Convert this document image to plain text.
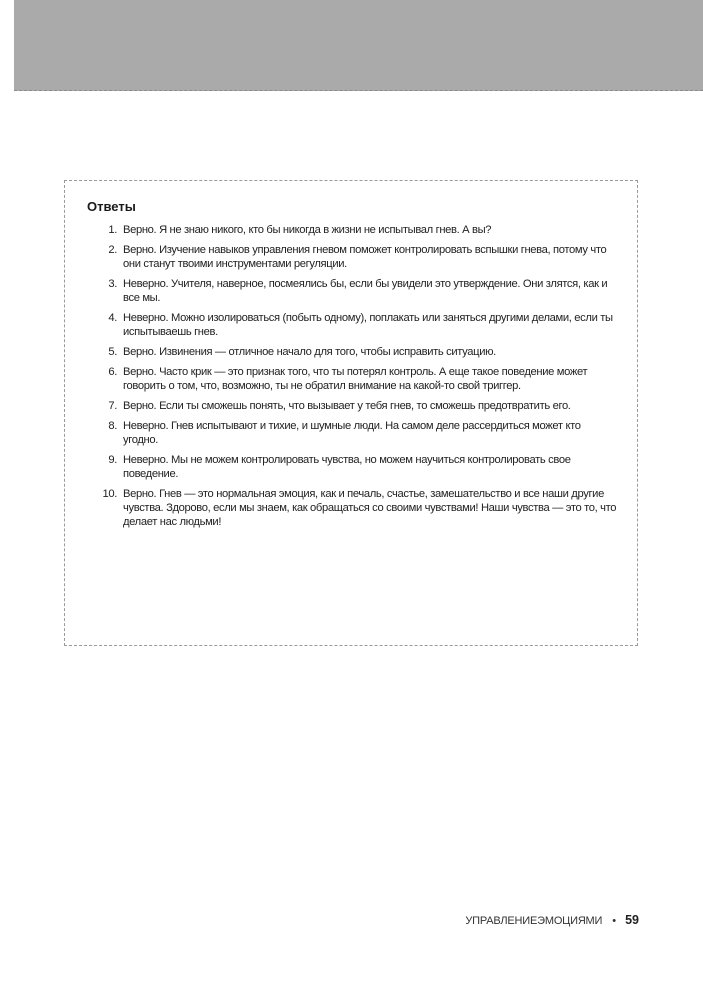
Ответы
1. Верно. Я не знаю никого, кто бы никогда в жизни не испытывал гнев. А вы?
2. Верно. Изучение навыков управления гневом поможет контролировать вспышки гнева, потому что они станут твоими инструментами регуляции.
3. Неверно. Учителя, наверное, посмеялись бы, если бы увидели это утверждение. Они злятся, как и все мы.
4. Неверно. Можно изолироваться (побыть одному), поплакать или заняться другими делами, если ты испытываешь гнев.
5. Верно. Извинения — отличное начало для того, чтобы исправить ситуацию.
6. Верно. Часто крик — это признак того, что ты потерял контроль. А еще такое поведение может говорить о том, что, возможно, ты не обратил внимание на какой-то свой триггер.
7. Верно. Если ты сможешь понять, что вызывает у тебя гнев, то сможешь предотвратить его.
8. Неверно. Гнев испытывают и тихие, и шумные люди. На самом деле рассердиться может кто угодно.
9. Неверно. Мы не можем контролировать чувства, но можем научиться контролировать свое поведение.
10. Верно. Гнев — это нормальная эмоция, как и печаль, счастье, замешательство и все наши другие чувства. Здорово, если мы знаем, как обращаться со своими чувствами! Наши чувства — это то, что делает нас людьми!
УПРАВЛЕНИЕЭМОЦИЯМИ • 59
